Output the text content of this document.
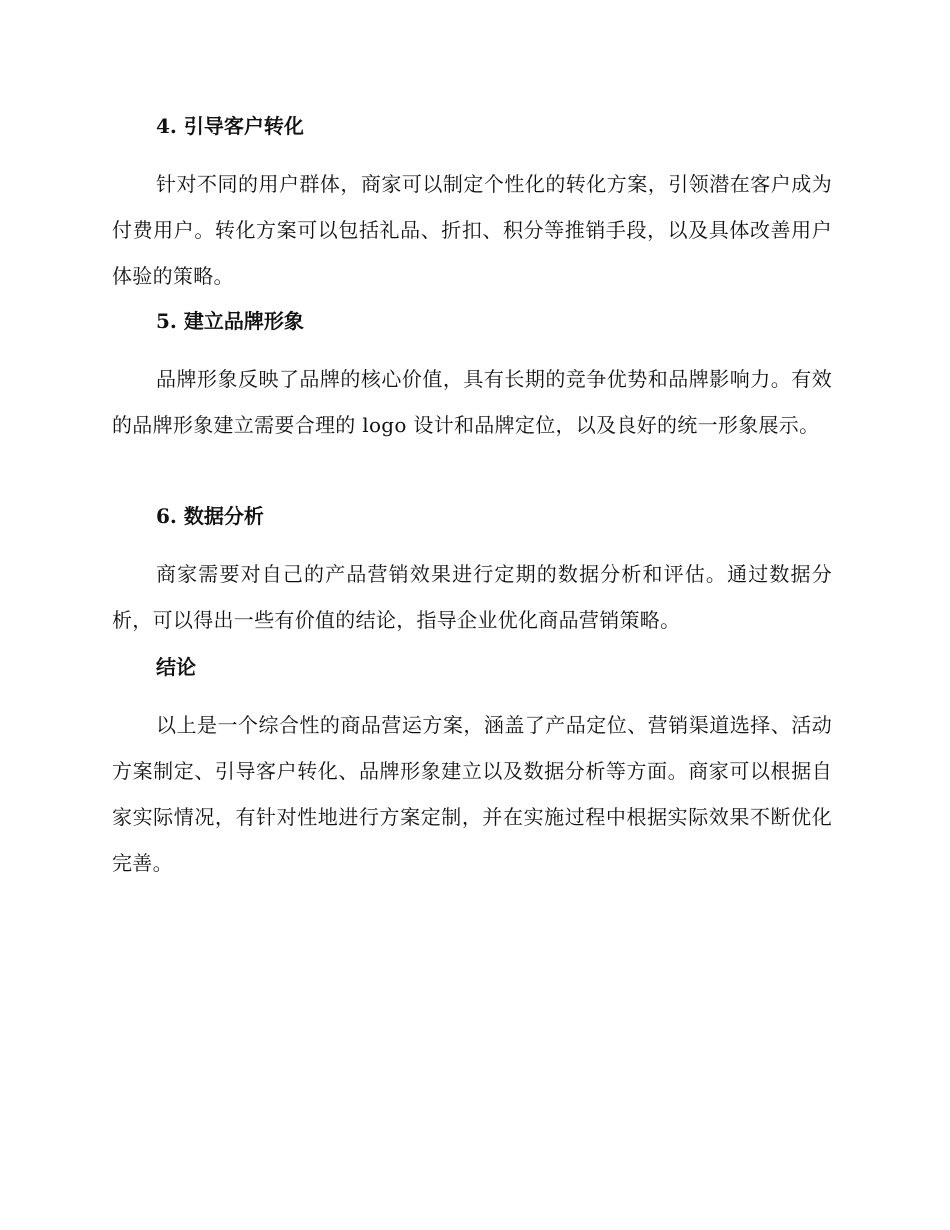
4. 引导客户转化

针对不同的用户群体，商家可以制定个性化的转化方案，引领潜在客户成为付费用户。转化方案可以包括礼品、折扣、积分等推销手段，以及具体改善用户体验的策略。

5. 建立品牌形象

品牌形象反映了品牌的核心价值，具有长期的竞争优势和品牌影响力。有效的品牌形象建立需要合理的 logo 设计和品牌定位，以及良好的统一形象展示。

6. 数据分析

商家需要对自己的产品营销效果进行定期的数据分析和评估。通过数据分析，可以得出一些有价值的结论，指导企业优化商品营销策略。

结论

以上是一个综合性的商品营运方案，涵盖了产品定位、营销渠道选择、活动方案制定、引导客户转化、品牌形象建立以及数据分析等方面。商家可以根据自家实际情况，有针对性地进行方案定制，并在实施过程中根据实际效果不断优化完善。
